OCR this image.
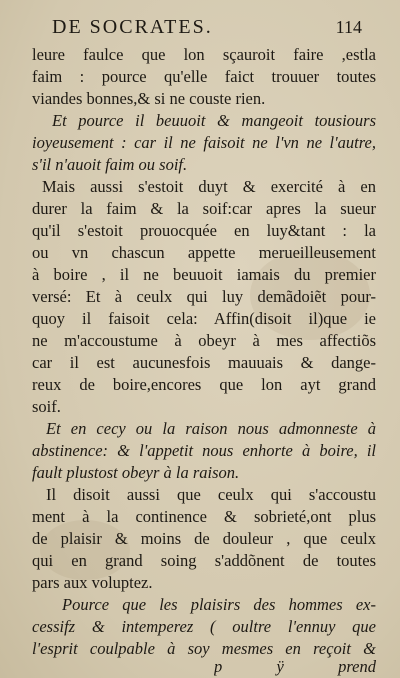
DE SOCRATES.	114
leure faulce que lon sçauroit faire ,estla
faim : pource qu'elle faict trouuer toutes
viandes bonnes,& si ne couste rien.
Et pource il beuuoit & mangeoit tousiours
ioyeusement : car il ne faisoit ne l'vn ne l'autre,
s'il n'auoit faim ou soif.
Mais aussi s'estoit duyt & exercité à en
durer la faim & la soif:car apres la sueur
qu'il s'estoit prouocquée en luy&tant : la
ou vn chascun appette merueilleusement
à boire , il ne beuuoit iamais du premier
versé: Et à ceulx qui luy demãdoiẽt pour-
quoy il faisoit cela: Affin(disoit il)que ie
ne m'accoustume à obeyr à mes affectiõs
car il est aucunesfois mauuais & dange-
reux de boire,encores que lon ayt grand
soif.
Et en cecy ou la raison nous admonneste à
abstinence: & l'appetit nous enhorte à boire, il
fault plustost obeyr à la raison.
Il disoit aussi que ceulx qui s'accoustu
ment à la continence & sobrieté,ont plus
de plaisir & moins de douleur , que ceulx
qui en grand soing s'addõnent de toutes
pars aux voluptez.
Pource que les plaisirs des hommes ex-
cessifz & intemperez ( oultre l'ennuy que
l'esprit coulpable à soy mesmes en reçoit &
p ÿ prend
